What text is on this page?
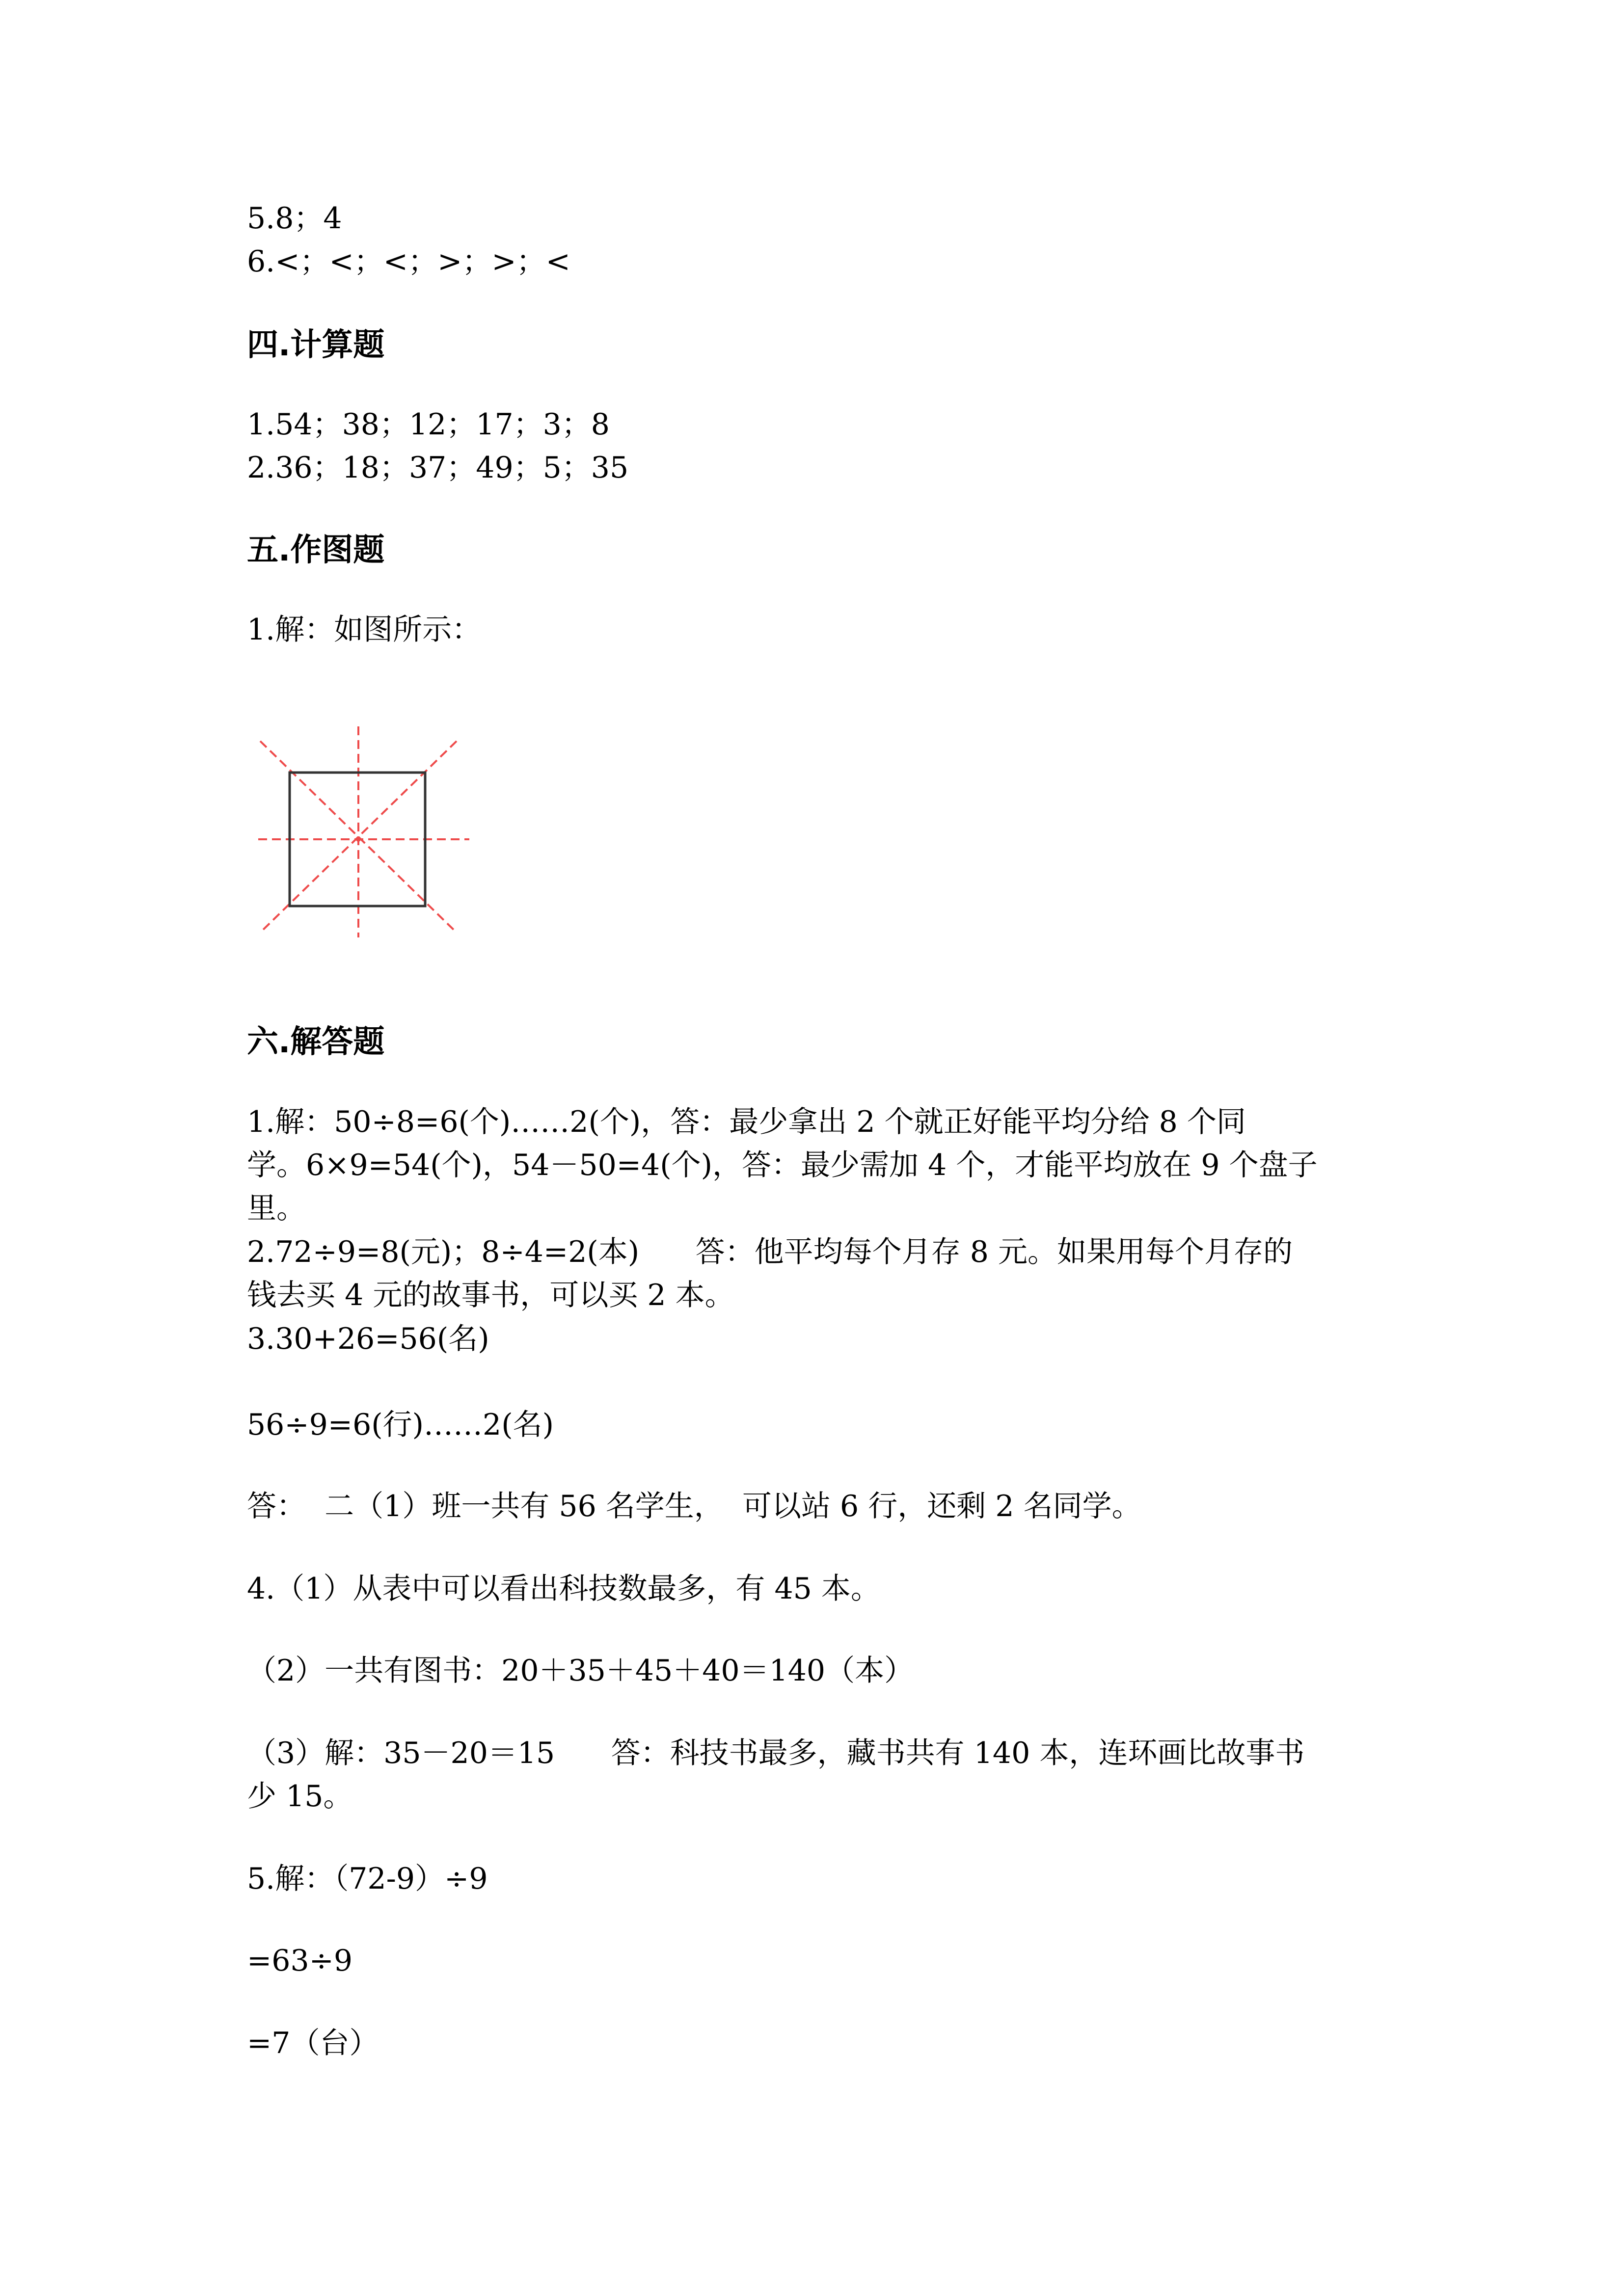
5.8；4
6.<；<；<；>；>；<
四.计算题
1.54；38；12；17；3；8
2.36；18；37；49；5；35
五.作图题
1.解：如图所示：
六.解答题
1.解：50÷8=6(个)……2(个)，答：最少拿出 2 个就正好能平均分给 8 个同
学。6×9=54(个)，54－50=4(个)，答：最少需加 4 个，才能平均放在 9 个盘子
里。
2.72÷9=8(元)；8÷4=2(本)      答：他平均每个月存 8 元。如果用每个月存的
钱去买 4 元的故事书，可以买 2 本。
3.30+26=56(名)
56÷9=6(行)……2(名)
答：  二（1）班一共有 56 名学生，  可以站 6 行，还剩 2 名同学。
4.（1）从表中可以看出科技数最多，有 45 本。
（2）一共有图书：20＋35＋45＋40＝140（本）
（3）解：35－20＝15      答：科技书最多，藏书共有 140 本，连环画比故事书
少 15。
5.解：（72-9）÷9
=63÷9
=7（台）
